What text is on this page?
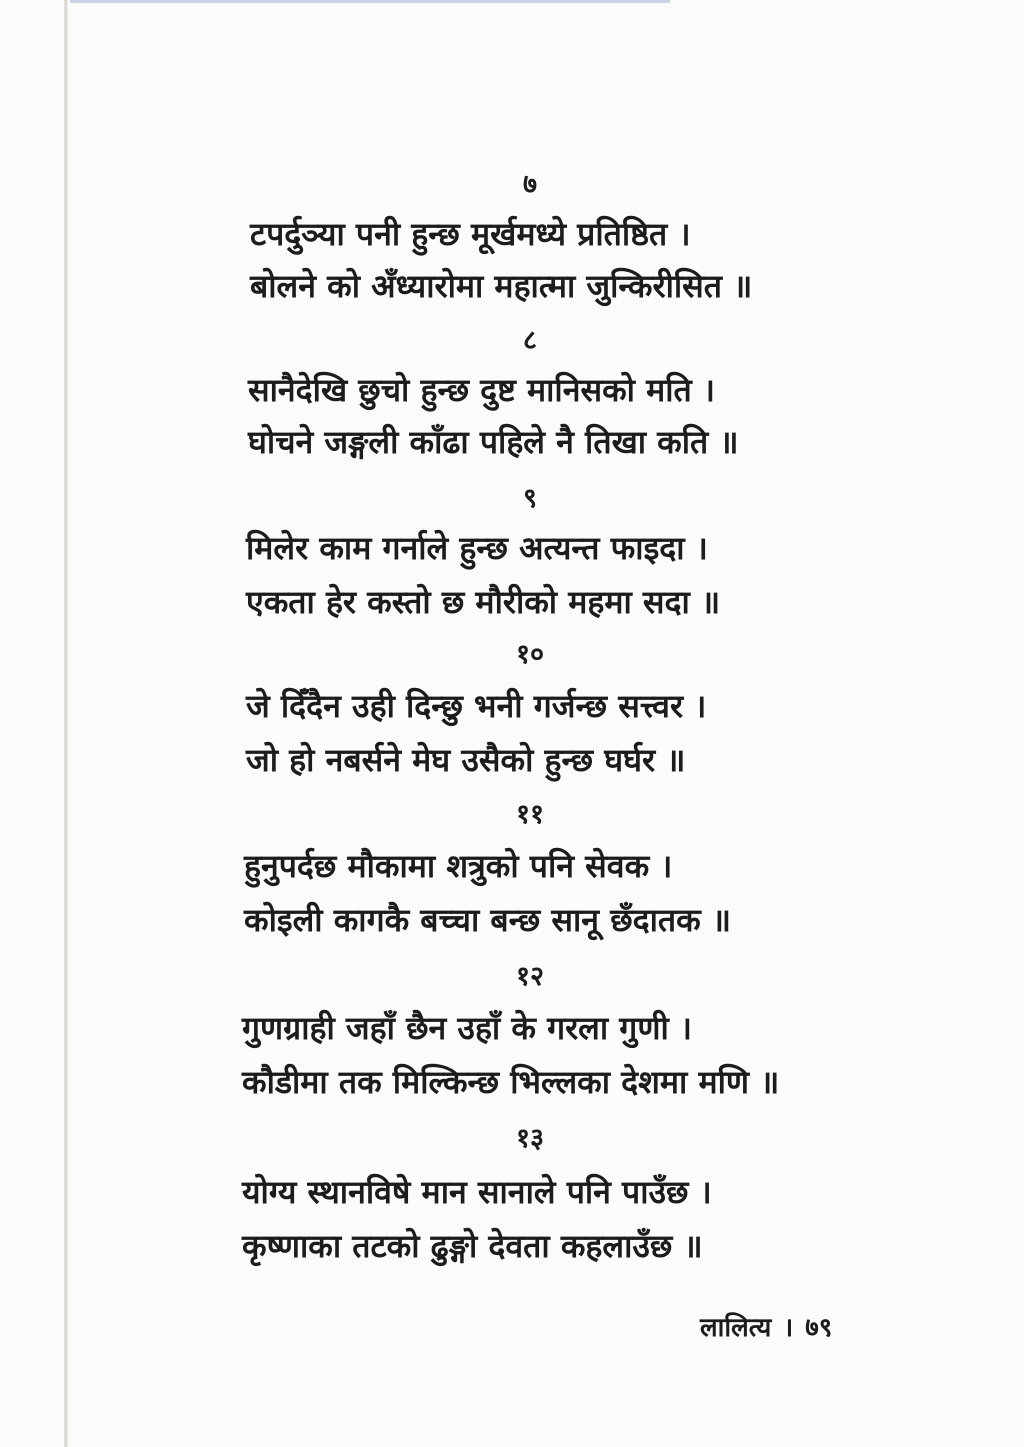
७
टपर्दुञ्या पनी हुन्छ मूर्खमध्ये प्रतिष्ठित ।
बोलने को अँध्यारोमा महात्मा जुन्किरीसित ॥
८
सानैदेखि छुचो हुन्छ दुष्ट मानिसको मति ।
घोचने जङ्गली काँढा पहिले नै तिखा कति ॥
९
मिलेर काम गर्नाले हुन्छ अत्यन्त फाइदा ।
एकता हेर कस्तो छ मौरीको महमा सदा ॥
१०
जे दिँदैन उही दिन्छु भनी गर्जन्छ सत्त्वर ।
जो हो नबर्सने मेघ उसैको हुन्छ घर्घर ॥
११
हुनुपर्दछ मौकामा शत्रुको पनि सेवक ।
कोइली कागकै बच्चा बन्छ सानू छँदातक ॥
१२
गुणग्राही जहाँ छैन उहाँ के गरला गुणी ।
कौडीमा तक मिल्किन्छ भिल्लका देशमा मणि ॥
१३
योग्य स्थानविषे मान सानाले पनि पाउँछ ।
कृष्णाका तटको ढुङ्गो देवता कहलाउँछ ॥
लालित्य । ७९
